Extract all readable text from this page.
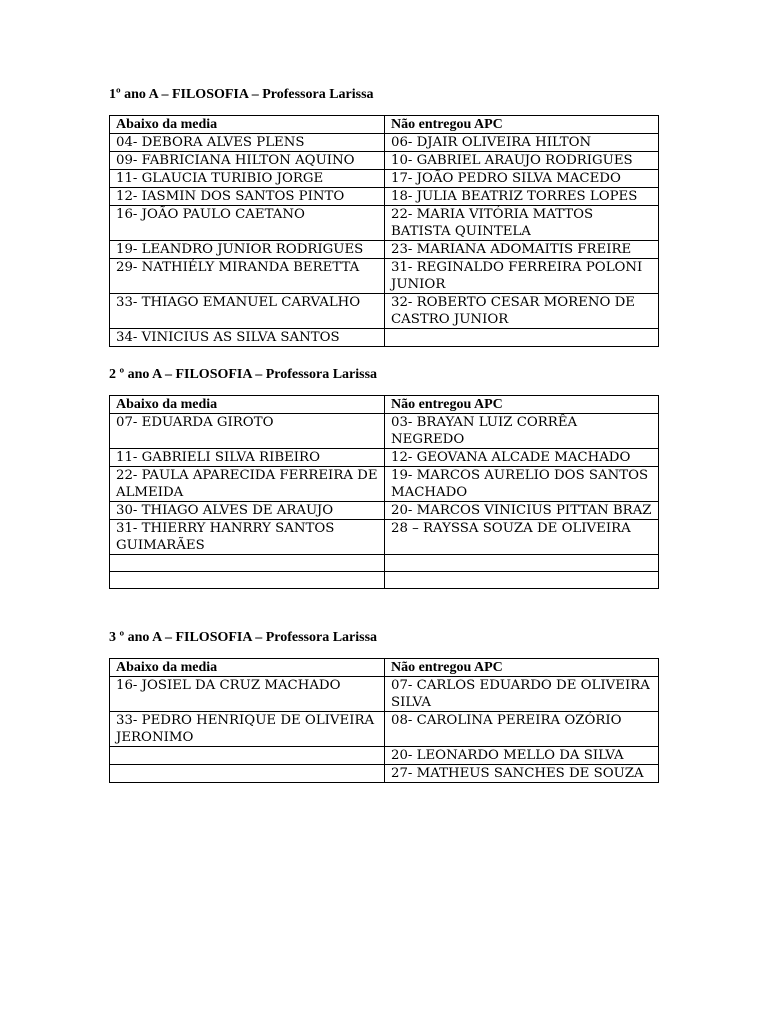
1º ano A – FILOSOFIA – Professora Larissa
Abaixo da media	Não entregou APC
04- DEBORA ALVES PLENS	06- DJAIR OLIVEIRA HILTON
09- FABRICIANA HILTON AQUINO	10- GABRIEL ARAUJO RODRIGUES
11- GLAUCIA TURIBIO JORGE	17- JOÃO PEDRO SILVA MACEDO
12- IASMIN DOS SANTOS PINTO	18- JULIA BEATRIZ TORRES LOPES
16- JOÃO PAULO CAETANO	22- MARIA VITÓRIA MATTOS BATISTA QUINTELA
19- LEANDRO JUNIOR RODRIGUES	23- MARIANA ADOMAITIS FREIRE
29- NATHIÉLY MIRANDA BERETTA	31- REGINALDO FERREIRA POLONI JUNIOR
33- THIAGO EMANUEL CARVALHO	32- ROBERTO CESAR MORENO DE CASTRO JUNIOR
34- VINICIUS AS SILVA SANTOS	
2 º ano A – FILOSOFIA – Professora Larissa
Abaixo da media	Não entregou APC
07- EDUARDA GIROTO	03- BRAYAN LUIZ CORRÊA NEGREDO
11- GABRIELI SILVA RIBEIRO	12- GEOVANA ALCADE MACHADO
22- PAULA APARECIDA FERREIRA DE ALMEIDA	19- MARCOS AURELIO DOS SANTOS MACHADO
30- THIAGO ALVES DE ARAUJO	20- MARCOS VINICIUS PITTAN BRAZ
31- THIERRY HANRRY SANTOS GUIMARÃES	28 – RAYSSA SOUZA DE OLIVEIRA

3 º ano A – FILOSOFIA – Professora Larissa
Abaixo da media	Não entregou APC
16- JOSIEL DA CRUZ MACHADO	07- CARLOS EDUARDO DE OLIVEIRA SILVA
33- PEDRO HENRIQUE DE OLIVEIRA JERONIMO	08- CAROLINA PEREIRA OZÓRIO
	20- LEONARDO MELLO DA SILVA
	27- MATHEUS SANCHES DE SOUZA
